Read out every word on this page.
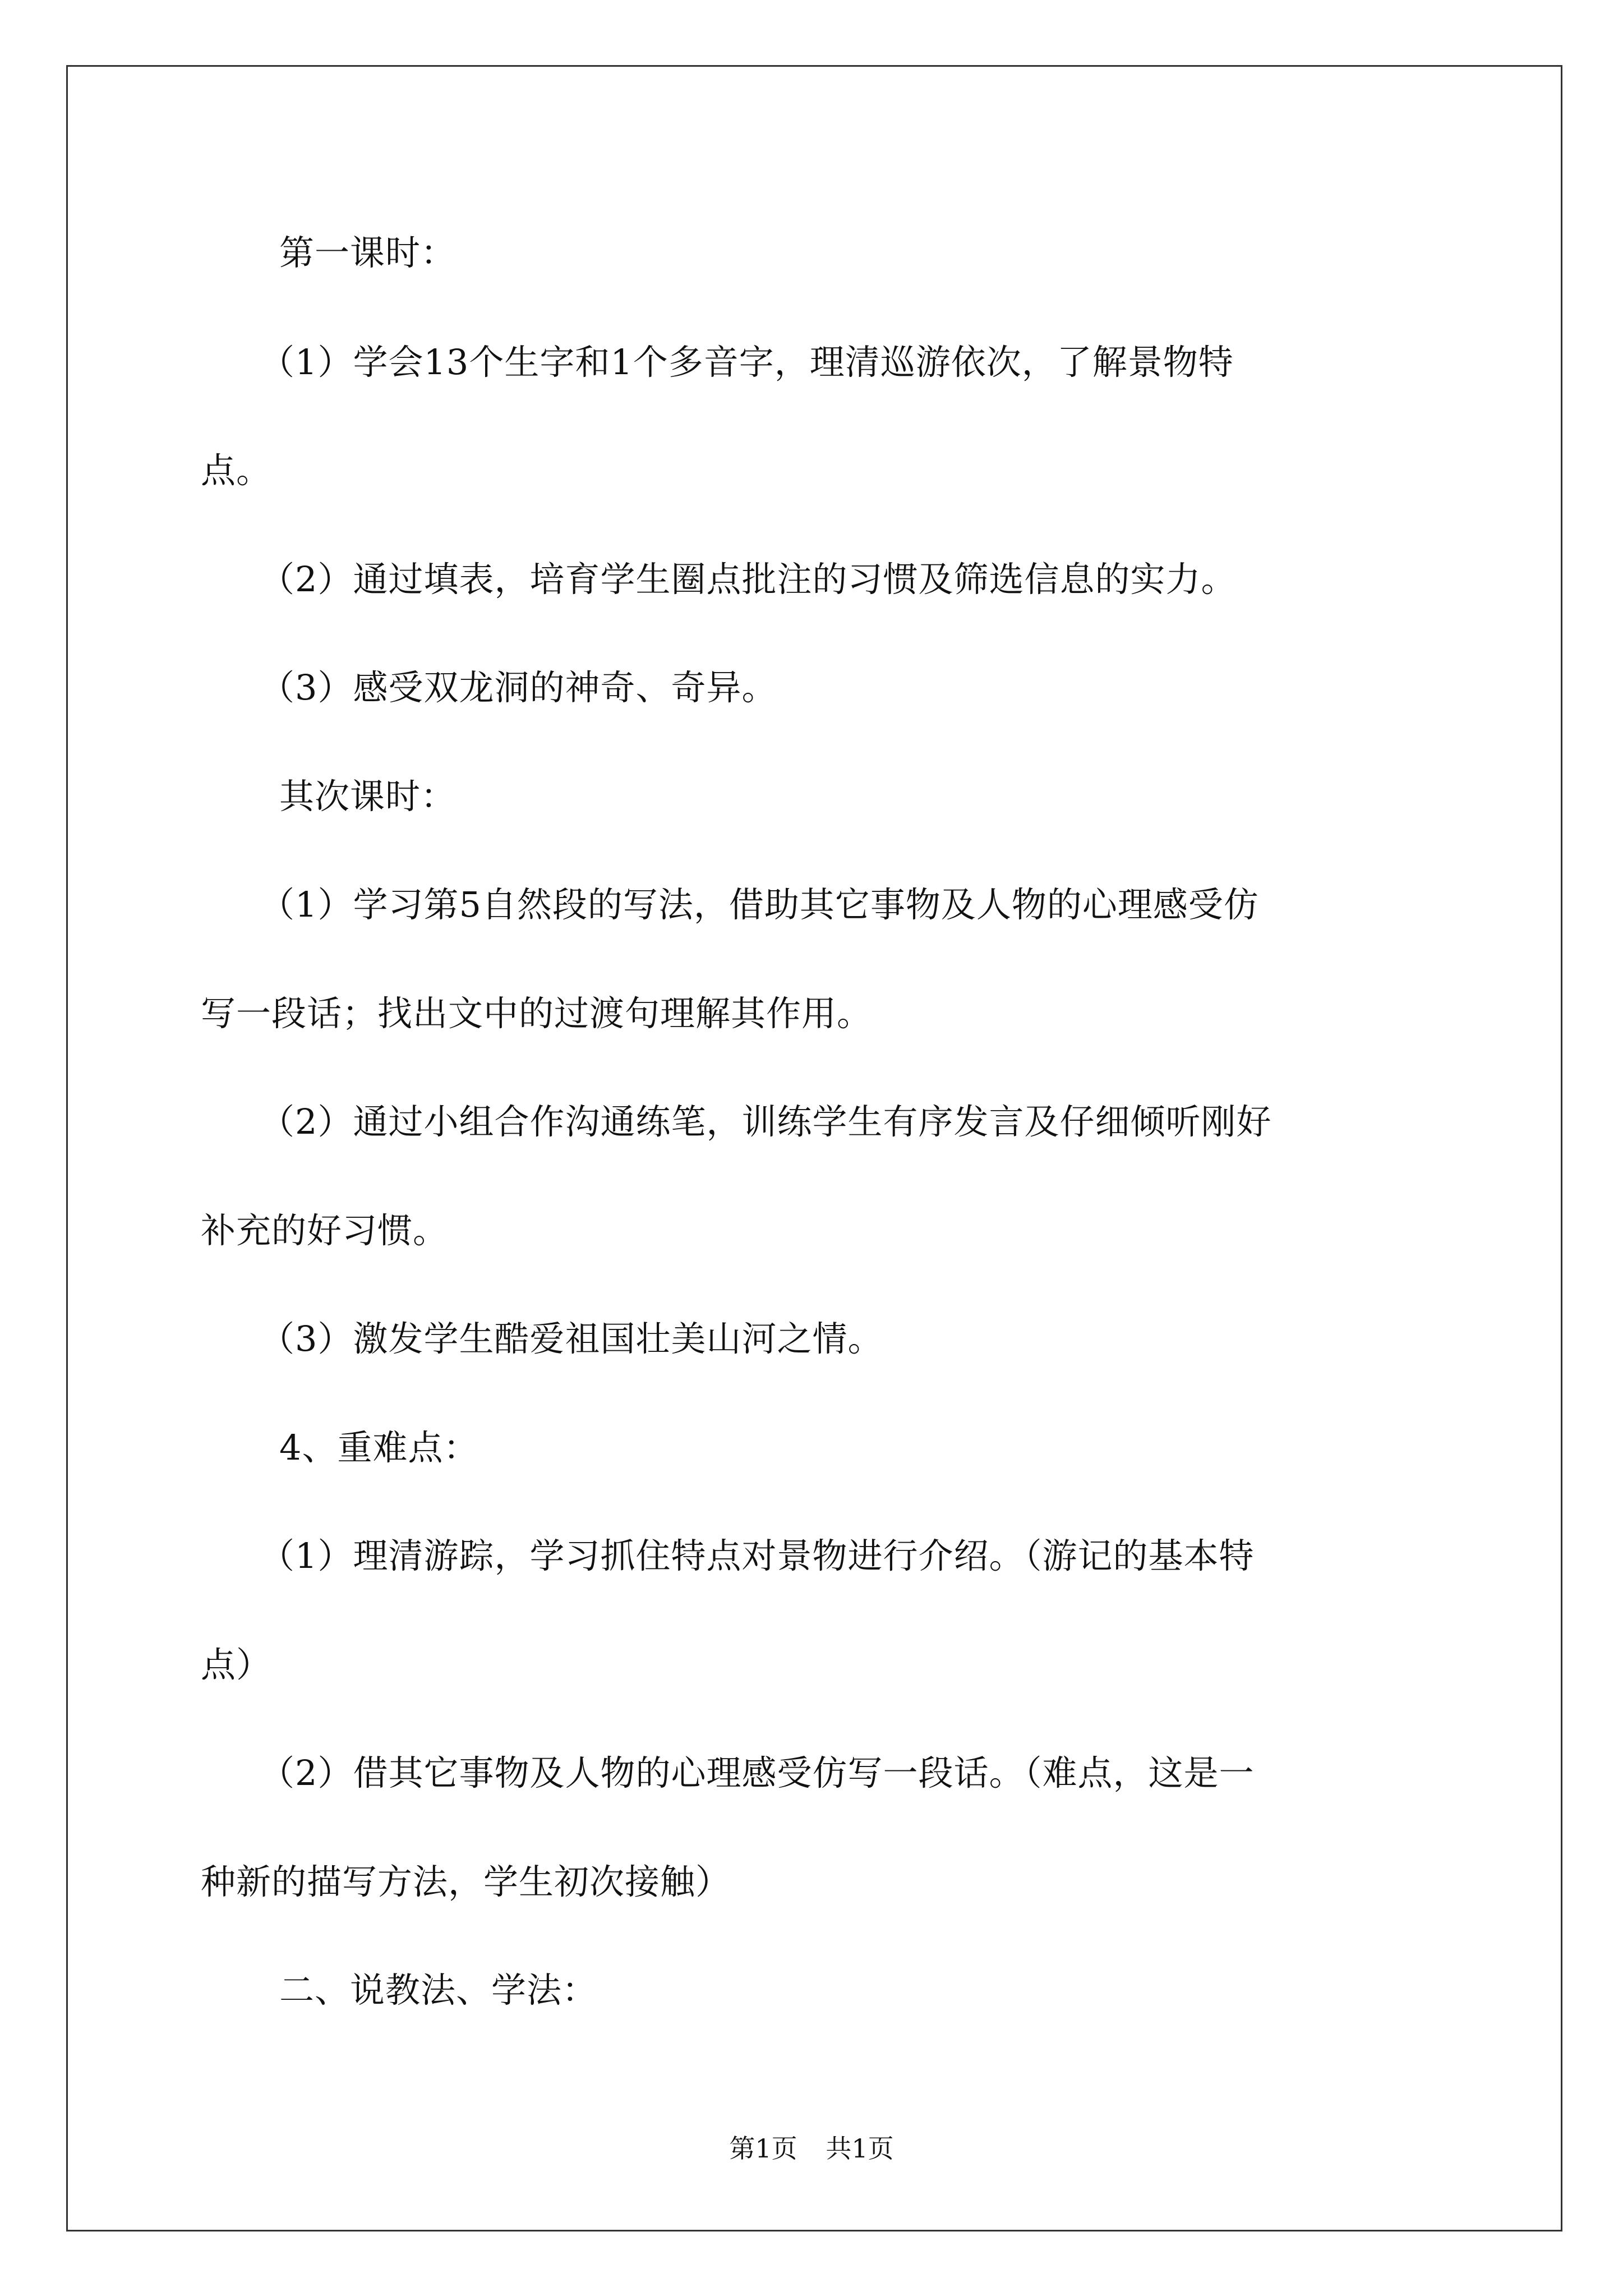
第一课时：
（1）学会13个生字和1个多音字，理清巡游依次，了解景物特
点。
（2）通过填表，培育学生圈点批注的习惯及筛选信息的实力。
（3）感受双龙洞的神奇、奇异。
其次课时：
（1）学习第5自然段的写法，借助其它事物及人物的心理感受仿
写一段话；找出文中的过渡句理解其作用。
（2）通过小组合作沟通练笔，训练学生有序发言及仔细倾听刚好
补充的好习惯。
（3）激发学生酷爱祖国壮美山河之情。
4、重难点：
（1）理清游踪，学习抓住特点对景物进行介绍。（游记的基本特
点）
（2）借其它事物及人物的心理感受仿写一段话。（难点，这是一
种新的描写方法，学生初次接触）
二、说教法、学法：
第1页 共1页
